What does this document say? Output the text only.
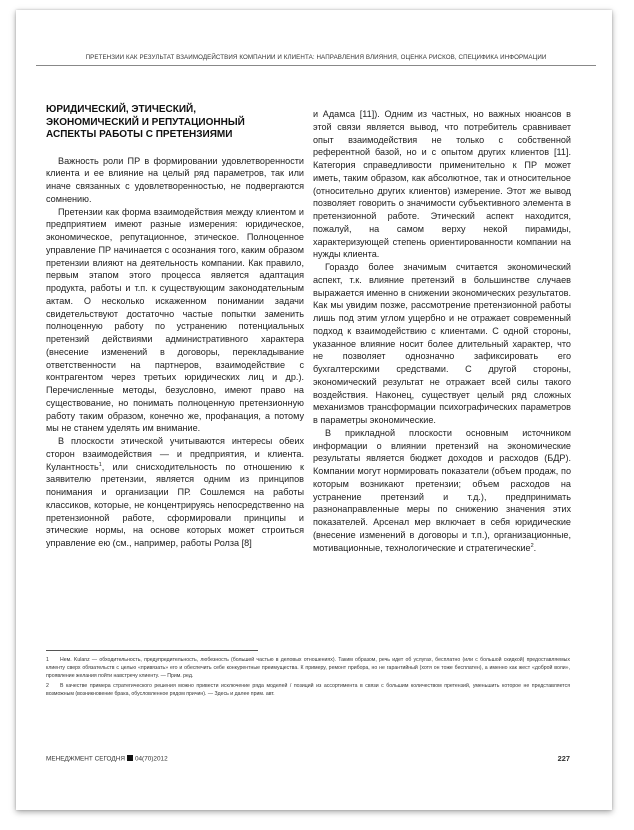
ПРЕТЕНЗИИ КАК РЕЗУЛЬТАТ ВЗАИМОДЕЙСТВИЯ КОМПАНИИ И КЛИЕНТА: НАПРАВЛЕНИЯ ВЛИЯНИЯ, ОЦЕНКА РИСКОВ, СПЕЦИФИКА ИНФОРМАЦИИ
ЮРИДИЧЕСКИЙ, ЭТИЧЕСКИЙ,
ЭКОНОМИЧЕСКИЙ И РЕПУТАЦИОННЫЙ
АСПЕКТЫ РАБОТЫ С ПРЕТЕНЗИЯМИ

Важность роли ПР в формировании удовлетворенности клиента и ее влияние на целый ряд параметров, так или иначе связанных с удовлетворенностью, не подвергаются сомнению.

Претензии как форма взаимодействия между клиентом и предприятием имеют разные измерения: юридическое, экономическое, репутационное, этическое. Полноценное управление ПР начинается с осознания того, каким образом претензии влияют на деятельность компании. Как правило, первым этапом этого процесса является адаптация продукта, работы и т.п. к существующим законодательным актам. О несколько искаженном понимании задачи свидетельствуют достаточно частые попытки заменить полноценную работу по устранению потенциальных претензий действиями административного характера (внесение изменений в договоры, перекладывание ответственности на партнеров, взаимодействие с контрагентом через третьих юридических лиц и др.). Перечисленные методы, безусловно, имеют право на существование, но понимать полноценную претензионную работу таким образом, конечно же, профанация, а потому мы не станем уделять им внимание.

В плоскости этической учитываются интересы обеих сторон взаимодействия — и предприятия, и клиента. Кулантность$^1$, или снисходительность по отношению к заявителю претензии, является одним из принципов понимания и организации ПР. Сошлемся на работы классиков, которые, не концентрируясь непосредственно на претензионной работе, сформировали принципы и этические нормы, на основе которых может строиться управление ею (см., например, работы Ролза [8]

и Адамса [11]). Одним из частных, но важных нюансов в этой связи является вывод, что потребитель сравнивает опыт взаимодействия не только с собственной референтной базой, но и с опытом других клиентов [11]. Категория справедливости применительно к ПР может иметь, таким образом, как абсолютное, так и относительное (относительно других клиентов) измерение. Этот же вывод позволяет говорить о значимости субъективного элемента в претензионной работе. Этический аспект находится, пожалуй, на самом верху некой пирамиды, характеризующей степень ориентированности компании на нужды клиента.

Гораздо более значимым считается экономический аспект, т.к. влияние претензий в большинстве случаев выражается именно в снижении экономических результатов. Как мы увидим позже, рассмотрение претензионной работы лишь под этим углом ущербно и не отражает современный подход к взаимодействию с клиентами. С одной стороны, указанное влияние носит более длительный характер, что не позволяет однозначно зафиксировать его бухгалтерскими средствами. С другой стороны, экономический результат не отражает всей силы такого воздействия. Наконец, существует целый ряд сложных механизмов трансформации психографических параметров в параметры экономические.

В прикладной плоскости основным источником информации о влиянии претензий на экономические результаты является бюджет доходов и расходов (БДР). Компании могут нормировать показатели (объем продаж, по которым возникают претензии; объем расходов на устранение претензий и т.д.), предпринимать разнонаправленные меры по снижению значения этих показателей. Арсенал мер включает в себя юридические (внесение изменений в договоры и т.п.), организационные, мотивационные, технологические и стратегические$^2$.

1 Нем. Kulanz — обходительность, предупредительность, любезность (большей частью в деловых отношениях). Таким образом, речь идет об услугах, бесплатно (или с большой скидкой) предоставляемых клиенту сверх обязательств с целью «привязать» его и обеспечить себе конкурентные преимущества. К примеру, ремонт прибора, но не гарантийный (хотя он тоже бесплатен), а именно как жест «доброй воли», проявление желания пойти навстречу клиенту. — Прим. ред.

2 В качестве примера стратегического решения можно привести исключение ряда моделей / позиций из ассортимента в связи с большим количеством претензий, уменьшить которое не представляется возможным (возникновение брака, обусловленное рядом причин). — Здесь и далее прим. авт.

МЕНЕДЖМЕНТ СЕГОДНЯ 04(70)2012	227
